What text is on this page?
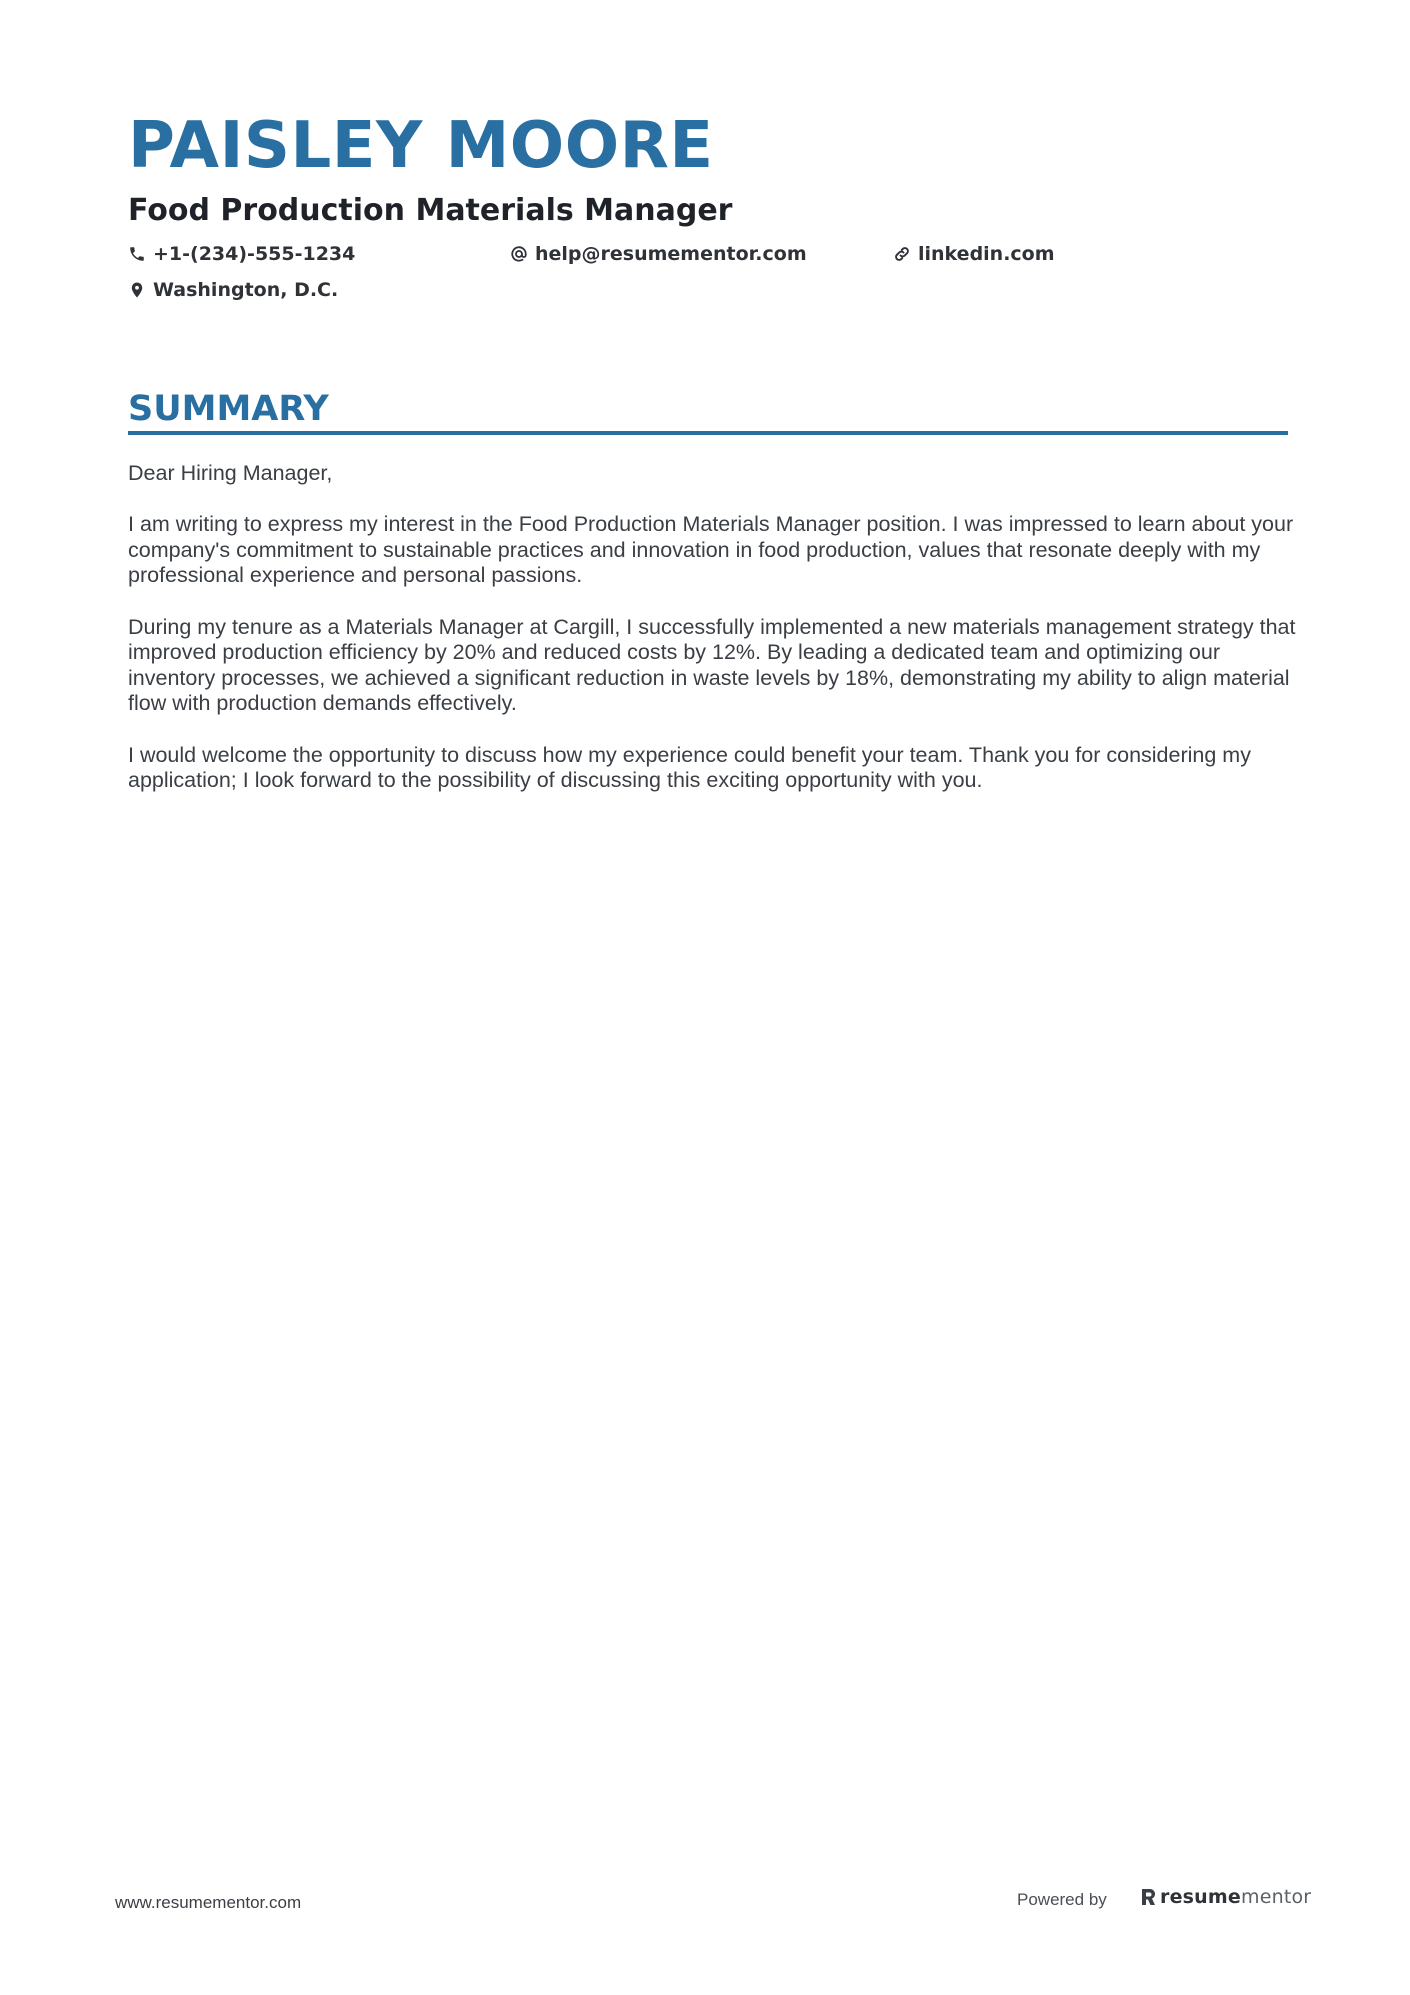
PAISLEY MOORE
Food Production Materials Manager
+1-(234)-555-1234	help@resumementor.com	linkedin.com
Washington, D.C.
SUMMARY

Dear Hiring Manager,

I am writing to express my interest in the Food Production Materials Manager position. I was impressed to learn about your company's commitment to sustainable practices and innovation in food production, values that resonate deeply with my professional experience and personal passions.

During my tenure as a Materials Manager at Cargill, I successfully implemented a new materials management strategy that improved production efficiency by 20% and reduced costs by 12%. By leading a dedicated team and optimizing our inventory processes, we achieved a significant reduction in waste levels by 18%, demonstrating my ability to align material flow with production demands effectively.

I would welcome the opportunity to discuss how my experience could benefit your team. Thank you for considering my application; I look forward to the possibility of discussing this exciting opportunity with you.

www.resumementor.com	Powered by	resumementor
